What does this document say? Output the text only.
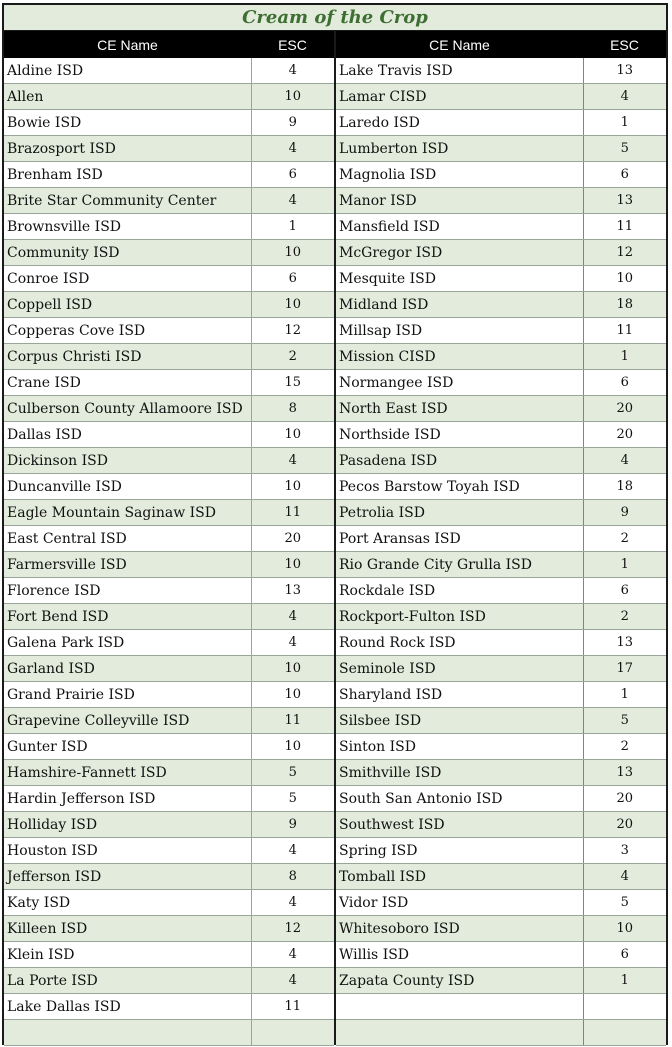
Cream of the Crop
CE Name	ESC
Aldine ISD	4
Allen	10
Bowie ISD	9
Brazosport ISD	4
Brenham ISD	6
Brite Star Community Center	4
Brownsville ISD	1
Community ISD	10
Conroe ISD	6
Coppell ISD	10
Copperas Cove ISD	12
Corpus Christi ISD	2
Crane ISD	15
Culberson County Allamoore ISD	8
Dallas ISD	10
Dickinson ISD	4
Duncanville ISD	10
Eagle Mountain Saginaw ISD	11
East Central ISD	20
Farmersville ISD	10
Florence ISD	13
Fort Bend ISD	4
Galena Park ISD	4
Garland ISD	10
Grand Prairie ISD	10
Grapevine Colleyville ISD	11
Gunter ISD	10
Hamshire-Fannett ISD	5
Hardin Jefferson ISD	5
Holliday ISD	9
Houston ISD	4
Jefferson ISD	8
Katy ISD	4
Killeen ISD	12
Klein ISD	4
La Porte ISD	4
Lake Dallas ISD	11

CE Name	ESC
Lake Travis ISD	13
Lamar CISD	4
Laredo ISD	1
Lumberton ISD	5
Magnolia ISD	6
Manor ISD	13
Mansfield ISD	11
McGregor ISD	12
Mesquite ISD	10
Midland ISD	18
Millsap ISD	11
Mission CISD	1
Normangee ISD	6
North East ISD	20
Northside ISD	20
Pasadena ISD	4
Pecos Barstow Toyah ISD	18
Petrolia ISD	9
Port Aransas ISD	2
Rio Grande City Grulla ISD	1
Rockdale ISD	6
Rockport-Fulton ISD	2
Round Rock ISD	13
Seminole ISD	17
Sharyland ISD	1
Silsbee ISD	5
Sinton ISD	2
Smithville ISD	13
South San Antonio ISD	20
Southwest ISD	20
Spring ISD	3
Tomball ISD	4
Vidor ISD	5
Whitesoboro ISD	10
Willis ISD	6
Zapata County ISD	1
